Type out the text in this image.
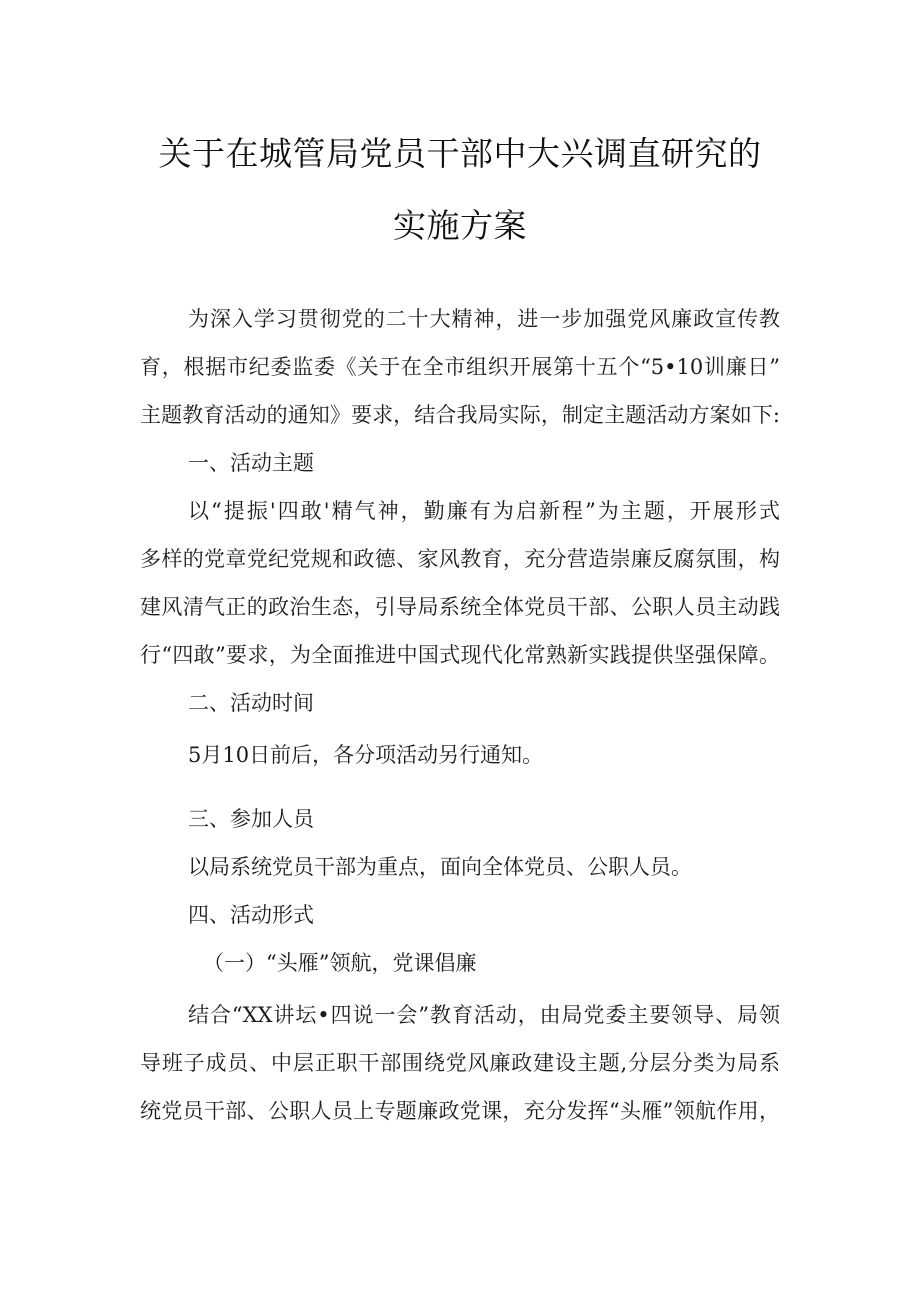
关于在城管局党员干部中大兴调直研究的
实施方案
为深入学习贯彻党的二十大精神，进一步加强党风廉政宣传教
育，根据市纪委监委《关于在全市组织开展第十五个“5•10训廉日”
主题教育活动的通知》要求，结合我局实际，制定主题活动方案如下:
一、活动主题
以“提振'四敢'精气神，勤廉有为启新程”为主题，开展形式
多样的党章党纪党规和政德、家风教育，充分营造崇廉反腐氛围，构
建风清气正的政治生态，引导局系统全体党员干部、公职人员主动践
行“四敢”要求，为全面推进中国式现代化常熟新实践提供坚强保障。
二、活动时间
5月10日前后，各分项活动另行通知。
三、参加人员
以局系统党员干部为重点，面向全体党员、公职人员。
四、活动形式
（一）“头雁”领航，党课倡廉
结合“XX讲坛•四说一会”教育活动，由局党委主要领导、局领
导班子成员、中层正职干部围绕党风廉政建设主题,分层分类为局系
统党员干部、公职人员上专题廉政党课，充分发挥“头雁”领航作用，
